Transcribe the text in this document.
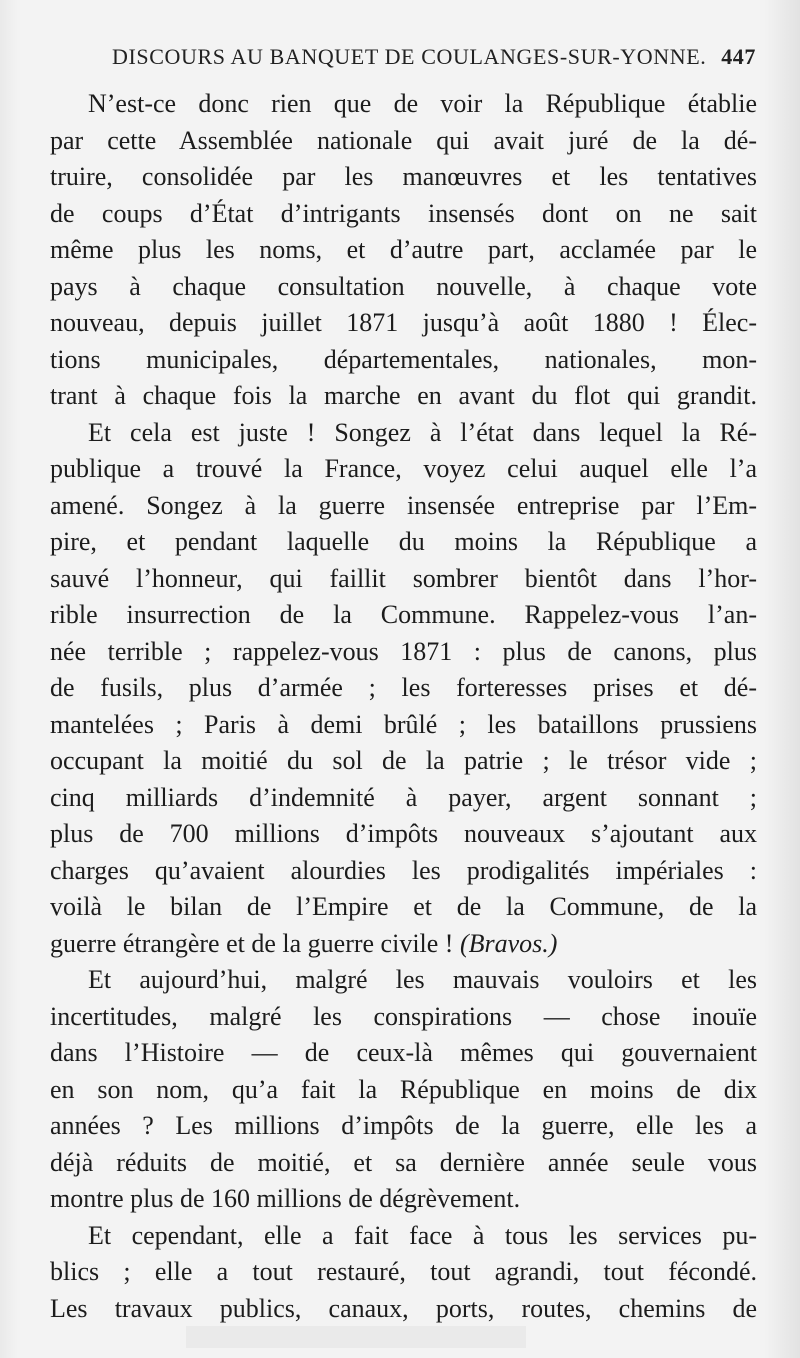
DISCOURS AU BANQUET DE COULANGES-SUR-YONNE. 447
N’est-ce donc rien que de voir la République établie
par cette Assemblée nationale qui avait juré de la dé-
truire, consolidée par les manœuvres et les tentatives
de coups d’État d’intrigants insensés dont on ne sait
même plus les noms, et d’autre part, acclamée par le
pays à chaque consultation nouvelle, à chaque vote
nouveau, depuis juillet 1871 jusqu’à août 1880 ! Élec-
tions municipales, départementales, nationales, mon-
trant à chaque fois la marche en avant du flot qui grandit.
Et cela est juste ! Songez à l’état dans lequel la Ré-
publique a trouvé la France, voyez celui auquel elle l’a
amené. Songez à la guerre insensée entreprise par l’Em-
pire, et pendant laquelle du moins la République a
sauvé l’honneur, qui faillit sombrer bientôt dans l’hor-
rible insurrection de la Commune. Rappelez-vous l’an-
née terrible ; rappelez-vous 1871 : plus de canons, plus
de fusils, plus d’armée ; les forteresses prises et dé-
mantelées ; Paris à demi brûlé ; les bataillons prussiens
occupant la moitié du sol de la patrie ; le trésor vide ;
cinq milliards d’indemnité à payer, argent sonnant ;
plus de 700 millions d’impôts nouveaux s’ajoutant aux
charges qu’avaient alourdies les prodigalités impériales :
voilà le bilan de l’Empire et de la Commune, de la
guerre étrangère et de la guerre civile ! (Bravos.)
Et aujourd’hui, malgré les mauvais vouloirs et les
incertitudes, malgré les conspirations — chose inouïe
dans l’Histoire — de ceux-là mêmes qui gouvernaient
en son nom, qu’a fait la République en moins de dix
années ? Les millions d’impôts de la guerre, elle les a
déjà réduits de moitié, et sa dernière année seule vous
montre plus de 160 millions de dégrèvement.
Et cependant, elle a fait face à tous les services pu-
blics ; elle a tout restauré, tout agrandi, tout fécondé.
Les travaux publics, canaux, ports, routes, chemins de
